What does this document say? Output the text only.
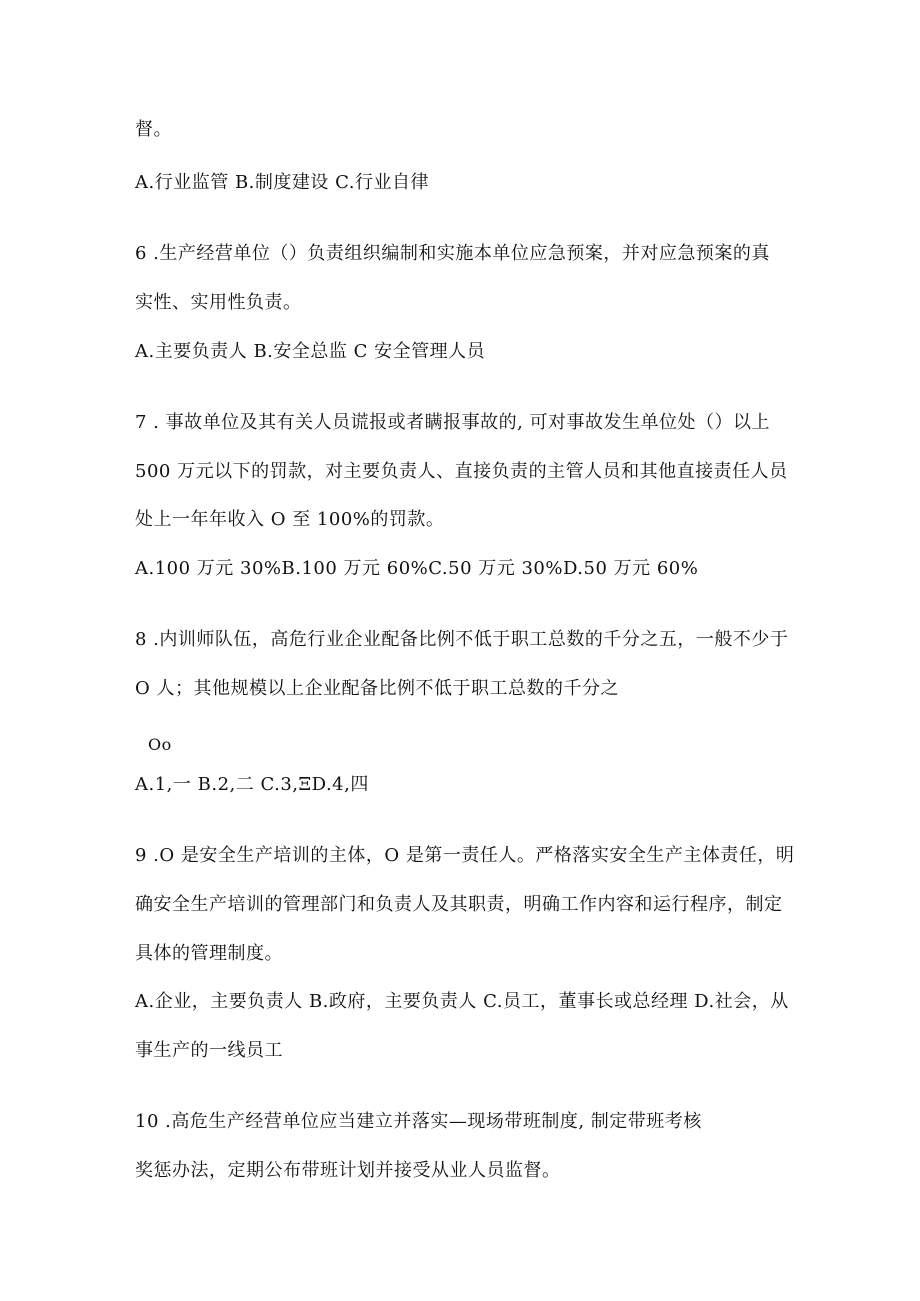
督。
A.行业监管 B.制度建设 C.行业自律
6 .生产经营单位（）负责组织编制和实施本单位应急预案，并对应急预案的真
实性、实用性负责。
A.主要负责人 B.安全总监 C 安全管理人员
7 . 事故单位及其有关人员谎报或者瞒报事故的, 可对事故发生单位处（）以上
500 万元以下的罚款，对主要负责人、直接负责的主管人员和其他直接责任人员
处上一年年收入 O 至 100%的罚款。
A.100 万元 30%B.100 万元 60%C.50 万元 30%D.50 万元 60%
8 .内训师队伍，高危行业企业配备比例不低于职工总数的千分之五，一般不少于
O 人；其他规模以上企业配备比例不低于职工总数的千分之
Oo
A.1,一 B.2,二 C.3,ΞD.4,四
9 .O 是安全生产培训的主体，O 是第一责任人。严格落实安全生产主体责任，明
确安全生产培训的管理部门和负责人及其职责，明确工作内容和运行程序，制定
具体的管理制度。
A.企业，主要负责人 B.政府，主要负责人 C.员工，董事长或总经理 D.社会，从
事生产的一线员工
10 .高危生产经营单位应当建立并落实—现场带班制度, 制定带班考核
奖惩办法，定期公布带班计划并接受从业人员监督。
